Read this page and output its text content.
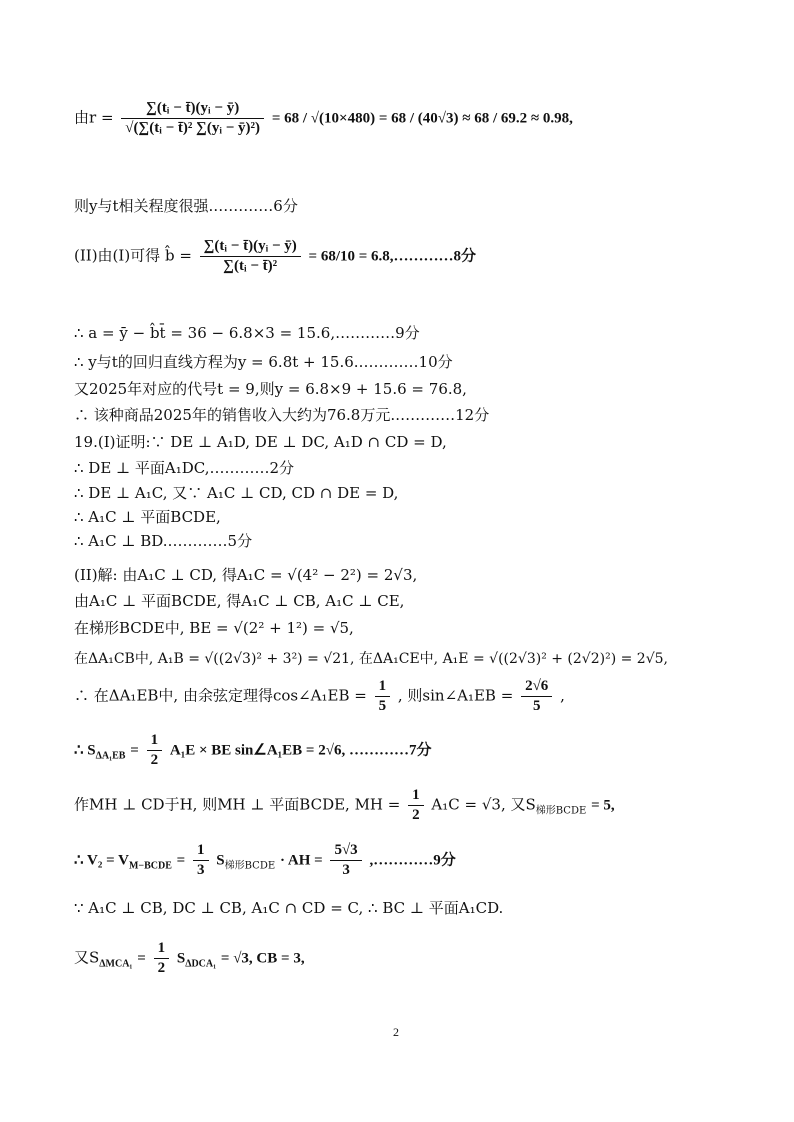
由$r = \frac{\text{∑(tᵢ − t̄)(yᵢ − ȳ)}}{\text{√(∑(tᵢ − t̄)² ∑(yᵢ − ȳ)²)}} = 68 / √(10\times 480) = 68 / (40√3) \approx 68 / 69.2 \approx 0.98$,
则y与t相关程度很强.…………6分
(II)由(I)可得 b̂ = $\frac{\text{∑(tᵢ − t̄)(yᵢ − ȳ)}}{\text{∑(tᵢ − t̄)²}} = 68/10$ = 6.8,…………8分
∴ a = ȳ − b̂t̄ = 36 − 6.8×3 = 15.6,…………9分
∴ y与t的回归直线方程为y = 6.8t + 15.6.…………10分
又2025年对应的代号t = 9,则y = 6.8×9 + 15.6 = 76.8,
∴ 该种商品2025年的销售收入大约为76.8万元.…………12分
19.(I)证明:∵ DE ⊥ A₁D, DE ⊥ DC, A₁D ∩ CD = D,
∴ DE ⊥ 平面A₁DC,…………2分
∴ DE ⊥ A₁C, 又∵ A₁C ⊥ CD, CD ∩ DE = D,
∴ A₁C ⊥ 平面BCDE,
∴ A₁C ⊥ BD.…………5分
(II)解: 由A₁C ⊥ CD, 得A₁C = √(4² − 2²) = 2√3,
由A₁C ⊥ 平面BCDE, 得A₁C ⊥ CB, A₁C ⊥ CE,
在梯形BCDE中, BE = √(2² + 1²) = √5,
在ΔA₁CB中, A₁B = √((2√3)² + 3²) = √21, 在ΔA₁CE中, A₁E = √((2√3)² + (2√2)²) = 2√5,
∴ 在ΔA₁EB中, 由余弦定理得cos∠A₁EB = $\frac{1}{5}$ , 则sin∠A₁EB = $\frac{2√6}{5}$ ,
∴ $S_{\Delta A_1EB} = \frac{1}{2} A_1E$ × BE sin∠A₁EB = 2√6, …………7分
作MH ⊥ CD于H, 则MH ⊥ 平面BCDE, MH = $\frac{1}{2} A_1C = √3$, 又$S_{梯形BCDE} = 5$,
∴ $V_2 = V_{M-BCDE} = \frac{1}{3} S_{梯形BCDE}$ · AH = $\frac{5√3}{3}$ ,…………9分
∵ A₁C ⊥ CB, DC ⊥ CB, A₁C ∩ CD = C, ∴ BC ⊥ 平面A₁CD.
又$S_{\Delta MCA_1} = \frac{1}{2} S_{\Delta DCA_1} = √3$, CB = 3,
2
